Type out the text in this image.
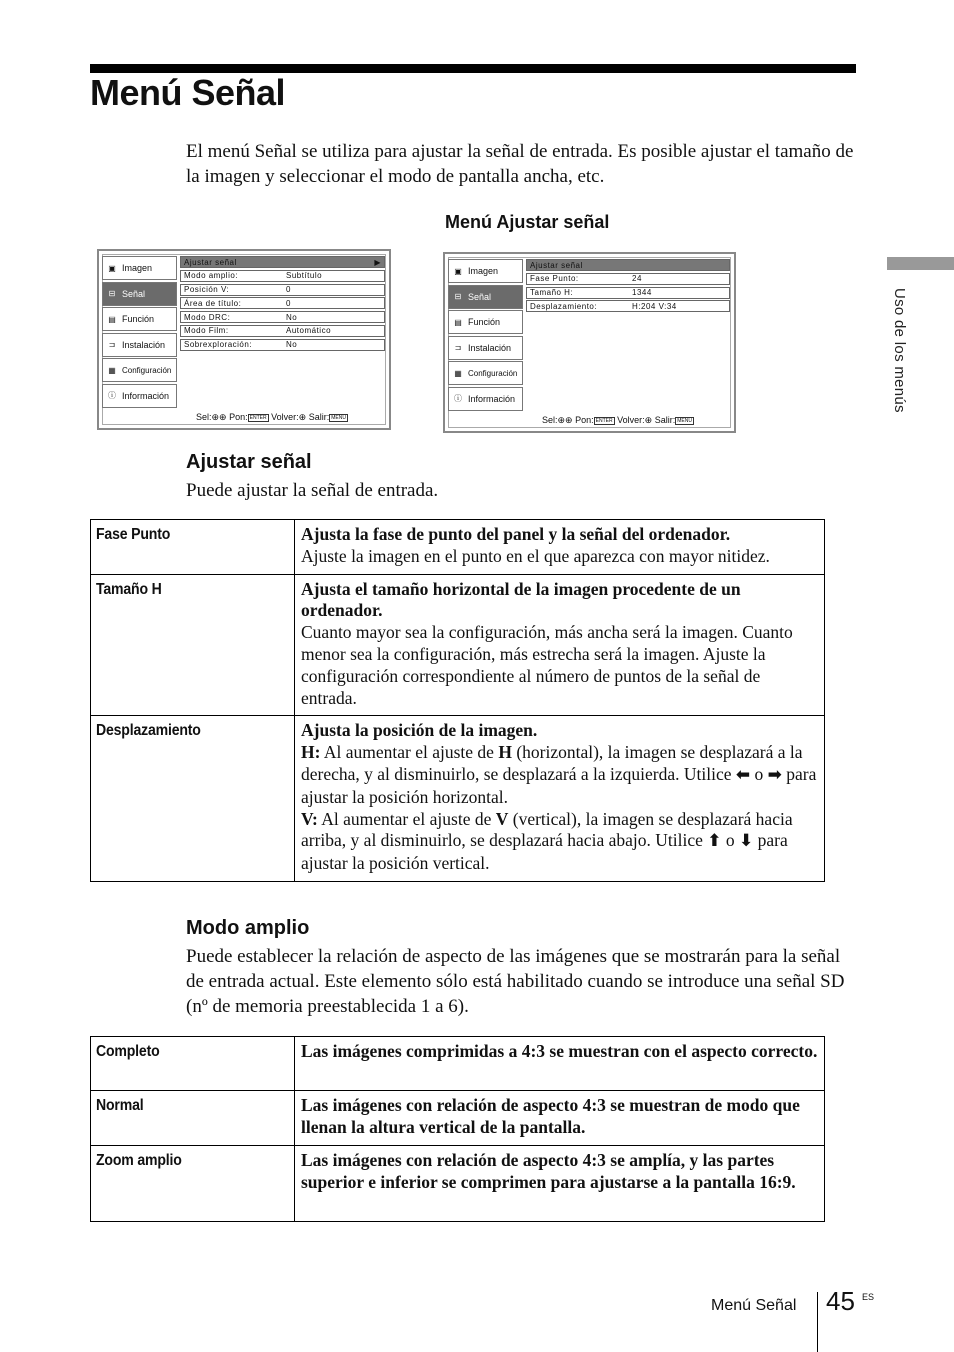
Menú Señal

El menú Señal se utiliza para ajustar la señal de entrada. Es posible ajustar el tamaño de la imagen y seleccionar el modo de pantalla ancha, etc.

Menú Ajustar señal
Uso de los menús
▣ Imagen
⊟ Señal
▤ Función
⊐ Instalación
▦ Configuración
ⓘ Información
Ajustar señal	▶
Modo amplio:	Subtítulo
Posición V:	0
Área de título:	0
Modo DRC:	No
Modo Film:	Automático
Sobrexploración:	No
Sel:⊕⊕ Pon: ENTER Volver:⊕ Salir: MENU
▣ Imagen
⊟ Señal
▤ Función
⊐ Instalación
▦ Configuración
ⓘ Información
Ajustar señal
Fase Punto:	24
Tamaño H:	1344
Desplazamiento:	H:204 V:34
Sel:⊕⊕ Pon: ENTER Volver:⊕ Salir: MENU
Ajustar señal

Puede ajustar la señal de entrada.

Fase Punto	Ajusta la fase de punto del panel y la señal del ordenador.
Ajuste la imagen en el punto en el que aparezca con mayor nitidez.
Tamaño H	Ajusta el tamaño horizontal de la imagen procedente de un ordenador.
Cuanto mayor sea la configuración, más ancha será la imagen. Cuanto menor sea la configuración, más estrecha será la imagen. Ajuste la configuración correspondiente al número de puntos de la señal de entrada.
Desplazamiento	Ajusta la posición de la imagen.
H: Al aumentar el ajuste de H (horizontal), la imagen se desplazará a la derecha, y al disminuirlo, se desplazará a la izquierda. Utilice ⬅ o ➡ para ajustar la posición horizontal.
V: Al aumentar el ajuste de V (vertical), la imagen se desplazará hacia arriba, y al disminuirlo, se desplazará hacia abajo. Utilice ⬆ o ⬇ para ajustar la posición vertical.
Modo amplio

Puede establecer la relación de aspecto de las imágenes que se mostrarán para la señal de entrada actual. Este elemento sólo está habilitado cuando se introduce una señal SD (nº de memoria preestablecida 1 a 6).

Completo	Las imágenes comprimidas a 4:3 se muestran con el aspecto correcto.
Normal	Las imágenes con relación de aspecto 4:3 se muestran de modo que llenan la altura vertical de la pantalla.
Zoom amplio	Las imágenes con relación de aspecto 4:3 se amplía, y las partes superior e inferior se comprimen para ajustarse a la pantalla 16:9.
Menú Señal 45 ES
